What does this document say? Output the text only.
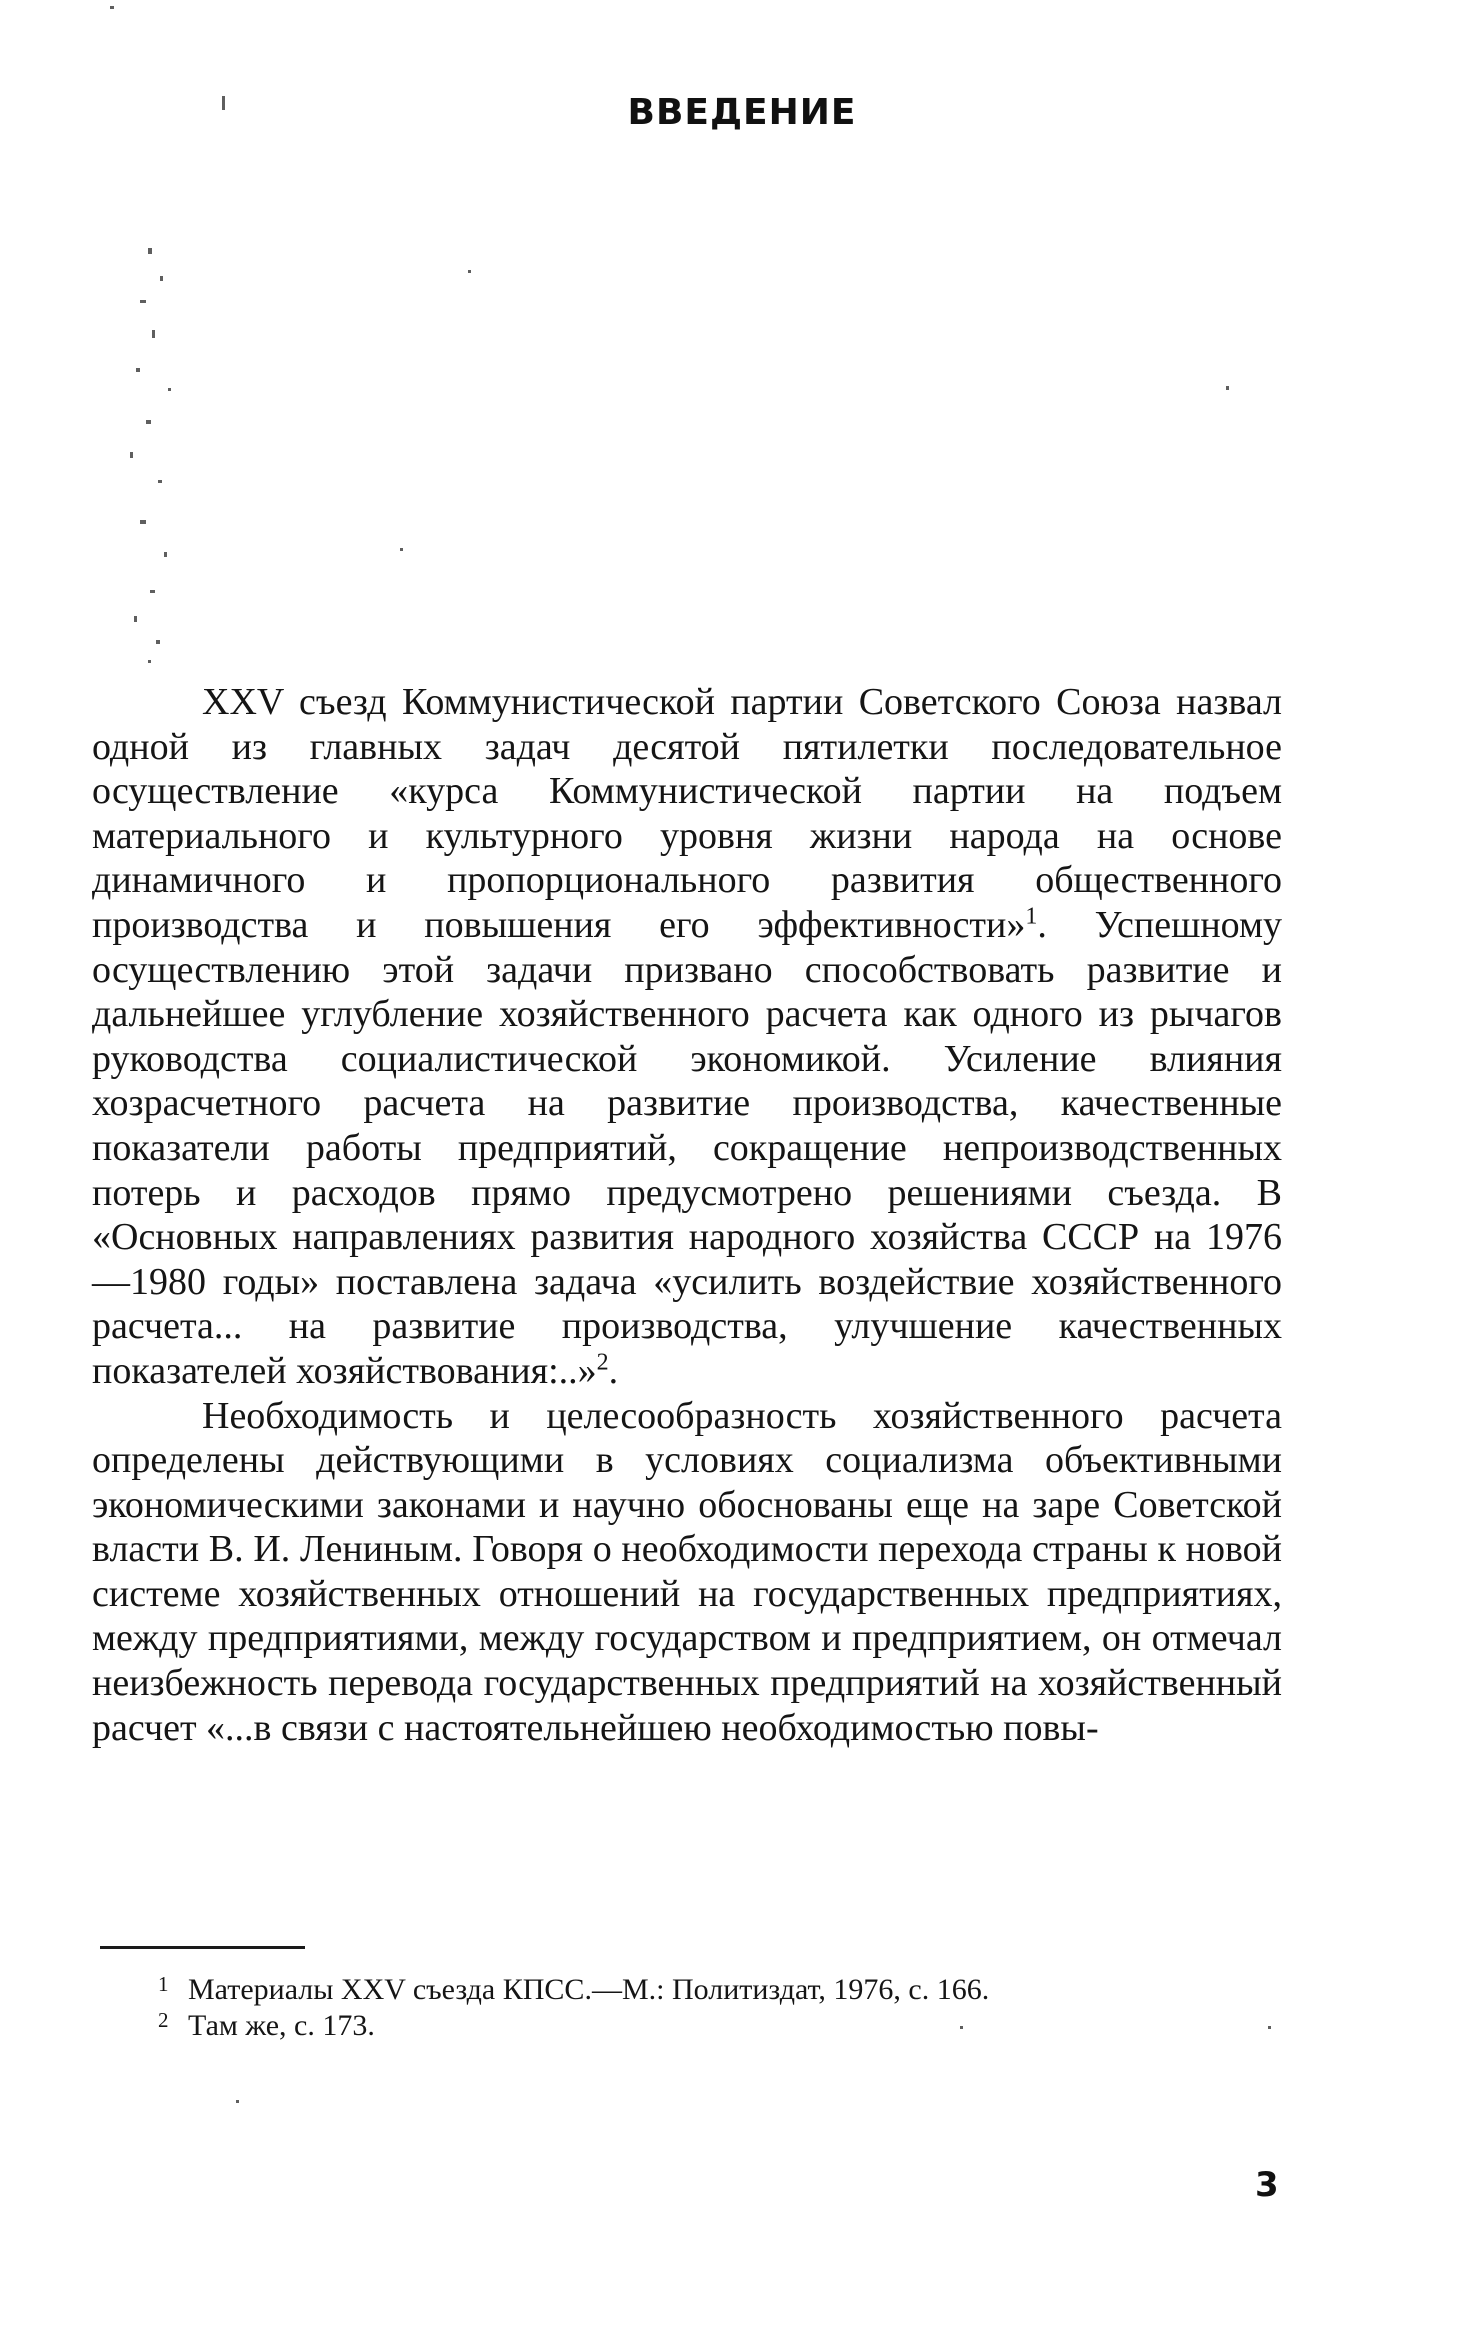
ВВЕДЕНИЕ

XXV съезд Коммунистической партии Советского Союза назвал одной из главных задач десятой пятилетки последовательное осуществление «курса Коммунистической партии на подъем материального и культурного уровня жизни народа на основе динамичного и пропорционального развития общественного производства и повышения его эффективности»$^1$. Успешному осуществлению этой задачи призвано способствовать развитие и дальнейшее углубление хозяйственного расчета как одного из рычагов руководства социалистической экономикой. Усиление влияния хозрасчетного расчета на развитие производства, качественные показатели работы предприятий, сокращение непроизводственных потерь и расходов прямо предусмотрено решениями съезда. В «Основных направлениях развития народного хозяйства СССР на 1976—1980 годы» поставлена задача «усилить воздействие хозяйственного расчета... на развитие производства, улучшение качественных показателей хозяйствования:..»$^2$.

Необходимость и целесообразность хозяйственного расчета определены действующими в условиях социализма объективными экономическими законами и научно обоснованы еще на заре Советской власти В. И. Лениным. Говоря о необходимости перехода страны к новой системе хозяйственных отношений на государственных предприятиях, между предприятиями, между государством и предприятием, он отмечал неизбежность перевода государственных предприятий на хозяйственный расчет «...в связи с настоятельнейшею необходимостью повы-

1 Материалы XXV съезда КПСС.—М.: Политиздат, 1976, с. 166.
2 Там же, с. 173.
3
